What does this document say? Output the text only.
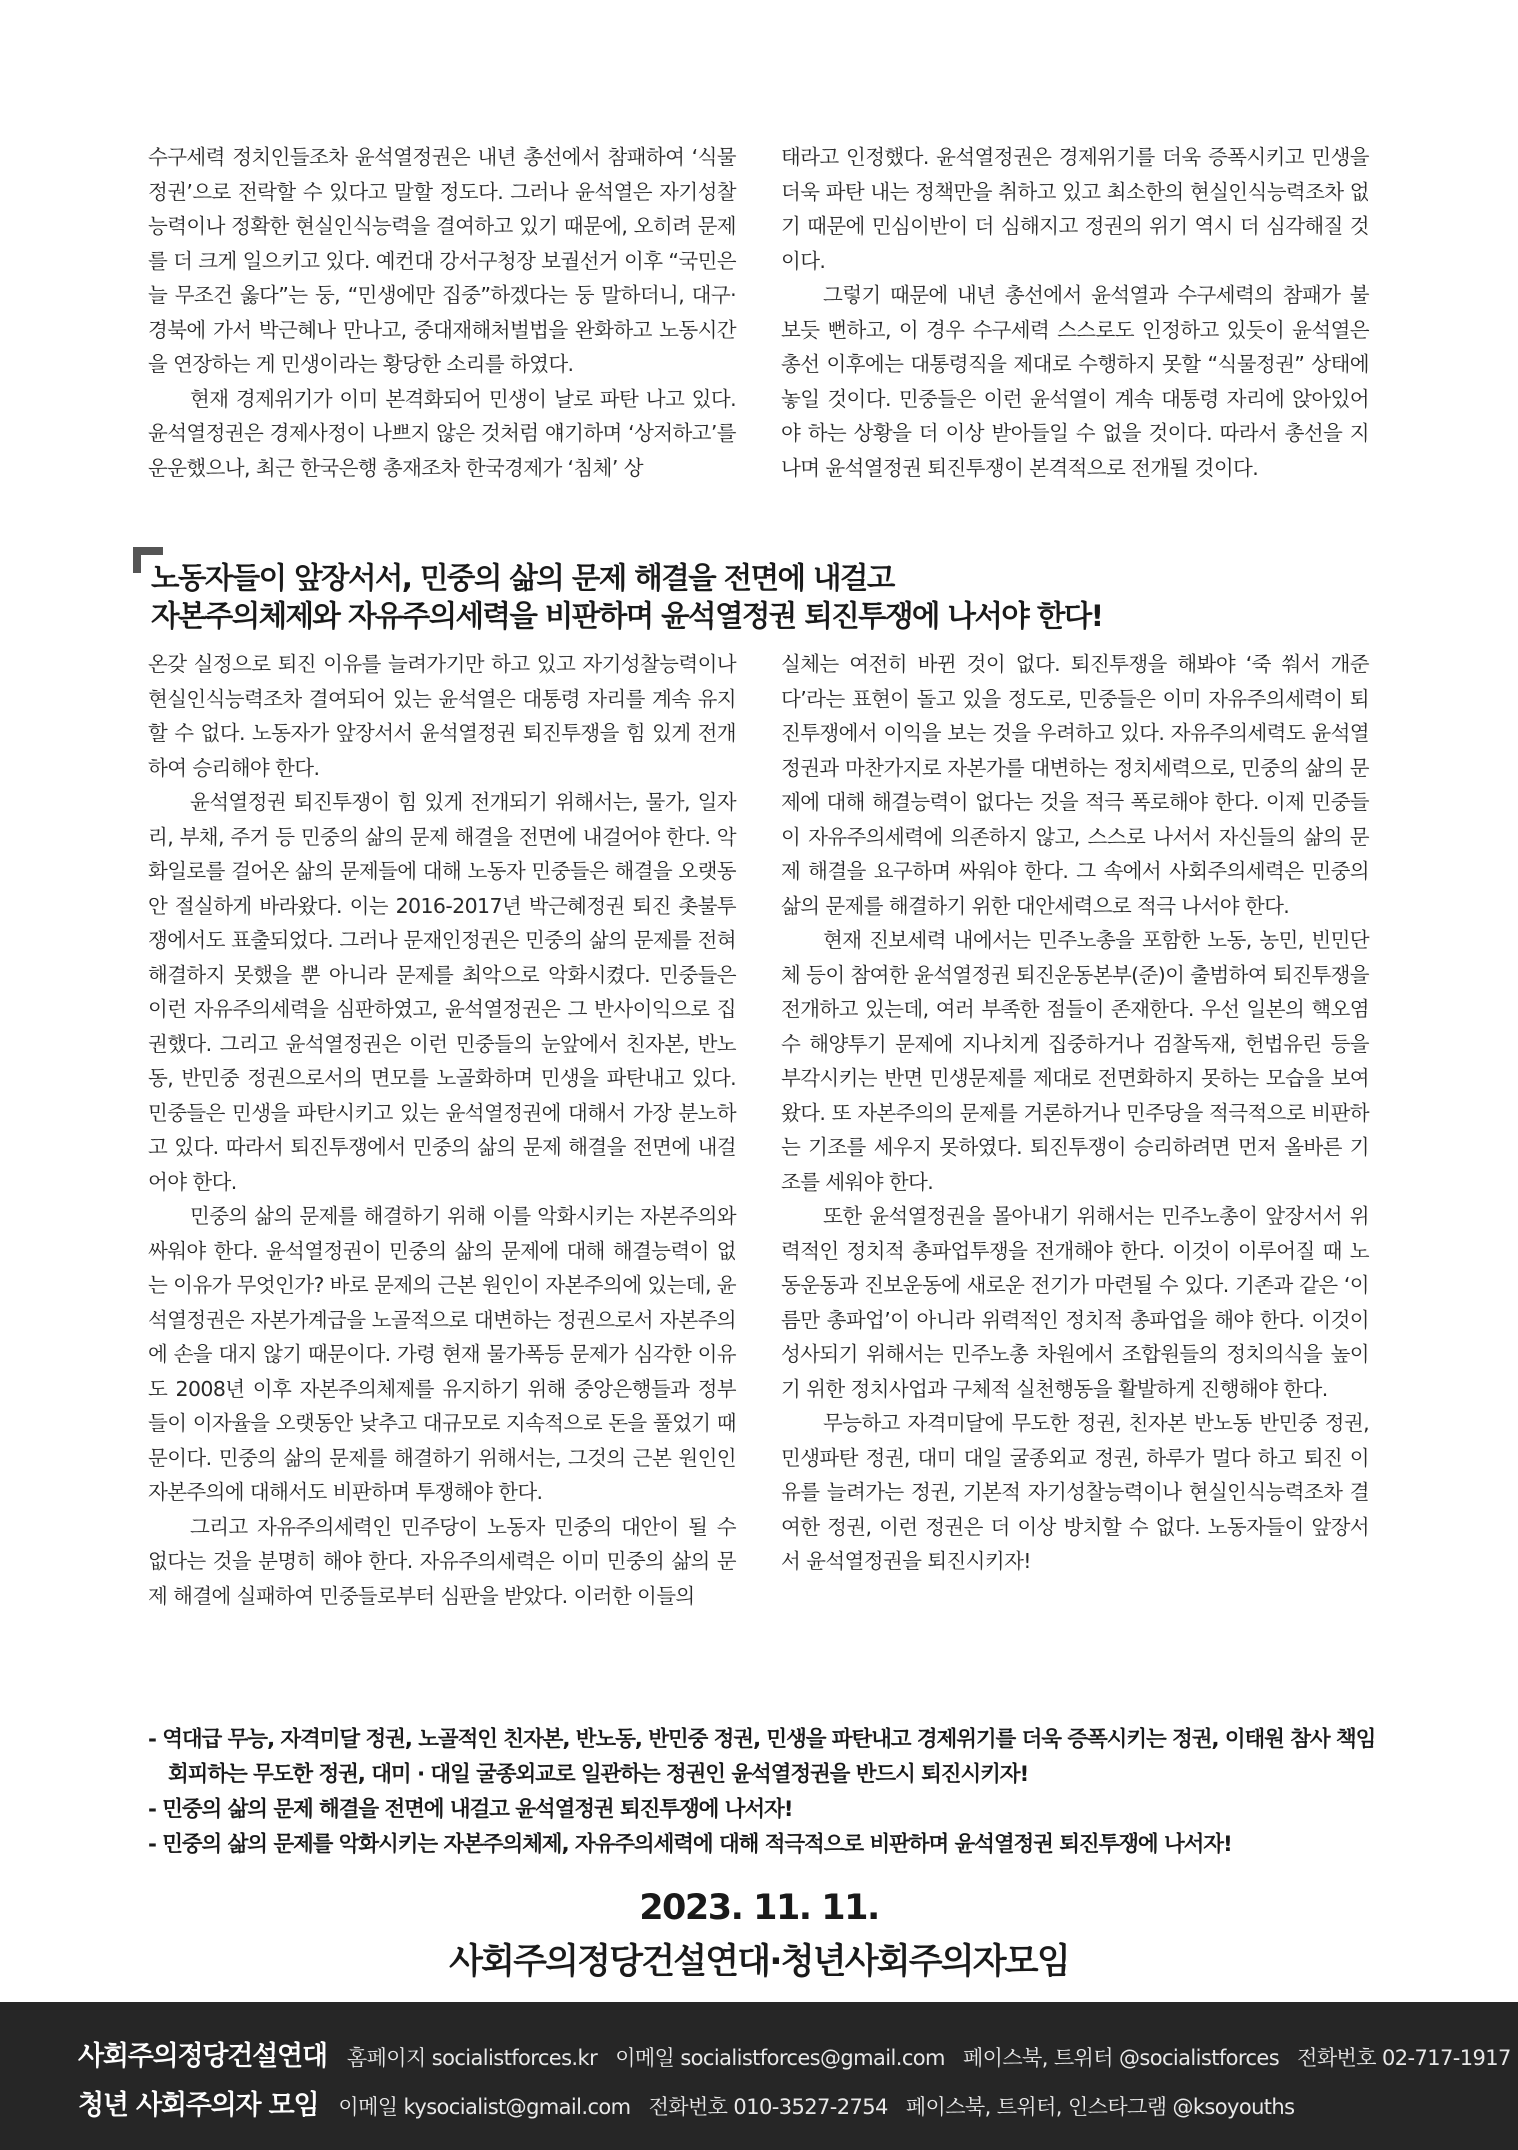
수구세력 정치인들조차 윤석열정권은 내년 총선에서 참패하여 ‘식물정권’으로 전락할 수 있다고 말할 정도다. 그러나 윤석열은 자기성찰능력이나 정확한 현실인식능력을 결여하고 있기 때문에, 오히려 문제를 더 크게 일으키고 있다. 예컨대 강서구청장 보궐선거 이후 “국민은 늘 무조건 옳다”는 둥, “민생에만 집중”하겠다는 둥 말하더니, 대구·경북에 가서 박근혜나 만나고, 중대재해처벌법을 완화하고 노동시간을 연장하는 게 민생이라는 황당한 소리를 하였다.

현재 경제위기가 이미 본격화되어 민생이 날로 파탄 나고 있다. 윤석열정권은 경제사정이 나쁘지 않은 것처럼 얘기하며 ‘상저하고’를 운운했으나, 최근 한국은행 총재조차 한국경제가 ‘침체’ 상

태라고 인정했다. 윤석열정권은 경제위기를 더욱 증폭시키고 민생을 더욱 파탄 내는 정책만을 취하고 있고 최소한의 현실인식능력조차 없기 때문에 민심이반이 더 심해지고 정권의 위기 역시 더 심각해질 것이다.

그렇기 때문에 내년 총선에서 윤석열과 수구세력의 참패가 불 보듯 뻔하고, 이 경우 수구세력 스스로도 인정하고 있듯이 윤석열은 총선 이후에는 대통령직을 제대로 수행하지 못할 “식물정권” 상태에 놓일 것이다. 민중들은 이런 윤석열이 계속 대통령 자리에 앉아있어야 하는 상황을 더 이상 받아들일 수 없을 것이다. 따라서 총선을 지나며 윤석열정권 퇴진투쟁이 본격적으로 전개될 것이다.

노동자들이 앞장서서, 민중의 삶의 문제 해결을 전면에 내걸고
자본주의체제와 자유주의세력을 비판하며 윤석열정권 퇴진투쟁에 나서야 한다!

온갖 실정으로 퇴진 이유를 늘려가기만 하고 있고 자기성찰능력이나 현실인식능력조차 결여되어 있는 윤석열은 대통령 자리를 계속 유지할 수 없다. 노동자가 앞장서서 윤석열정권 퇴진투쟁을 힘 있게 전개하여 승리해야 한다.

윤석열정권 퇴진투쟁이 힘 있게 전개되기 위해서는, 물가, 일자리, 부채, 주거 등 민중의 삶의 문제 해결을 전면에 내걸어야 한다. 악화일로를 걸어온 삶의 문제들에 대해 노동자 민중들은 해결을 오랫동안 절실하게 바라왔다. 이는 2016-2017년 박근혜정권 퇴진 촛불투쟁에서도 표출되었다. 그러나 문재인정권은 민중의 삶의 문제를 전혀 해결하지 못했을 뿐 아니라 문제를 최악으로 악화시켰다. 민중들은 이런 자유주의세력을 심판하였고, 윤석열정권은 그 반사이익으로 집권했다. 그리고 윤석열정권은 이런 민중들의 눈앞에서 친자본, 반노동, 반민중 정권으로서의 면모를 노골화하며 민생을 파탄내고 있다. 민중들은 민생을 파탄시키고 있는 윤석열정권에 대해서 가장 분노하고 있다. 따라서 퇴진투쟁에서 민중의 삶의 문제 해결을 전면에 내걸어야 한다.

민중의 삶의 문제를 해결하기 위해 이를 악화시키는 자본주의와 싸워야 한다. 윤석열정권이 민중의 삶의 문제에 대해 해결능력이 없는 이유가 무엇인가? 바로 문제의 근본 원인이 자본주의에 있는데, 윤석열정권은 자본가계급을 노골적으로 대변하는 정권으로서 자본주의에 손을 대지 않기 때문이다. 가령 현재 물가폭등 문제가 심각한 이유도 2008년 이후 자본주의체제를 유지하기 위해 중앙은행들과 정부들이 이자율을 오랫동안 낮추고 대규모로 지속적으로 돈을 풀었기 때문이다. 민중의 삶의 문제를 해결하기 위해서는, 그것의 근본 원인인 자본주의에 대해서도 비판하며 투쟁해야 한다.

그리고 자유주의세력인 민주당이 노동자 민중의 대안이 될 수 없다는 것을 분명히 해야 한다. 자유주의세력은 이미 민중의 삶의 문제 해결에 실패하여 민중들로부터 심판을 받았다. 이러한 이들의

실체는 여전히 바뀐 것이 없다. 퇴진투쟁을 해봐야 ‘죽 쒀서 개준다’라는 표현이 돌고 있을 정도로, 민중들은 이미 자유주의세력이 퇴진투쟁에서 이익을 보는 것을 우려하고 있다. 자유주의세력도 윤석열정권과 마찬가지로 자본가를 대변하는 정치세력으로, 민중의 삶의 문제에 대해 해결능력이 없다는 것을 적극 폭로해야 한다. 이제 민중들이 자유주의세력에 의존하지 않고, 스스로 나서서 자신들의 삶의 문제 해결을 요구하며 싸워야 한다. 그 속에서 사회주의세력은 민중의 삶의 문제를 해결하기 위한 대안세력으로 적극 나서야 한다.

현재 진보세력 내에서는 민주노총을 포함한 노동, 농민, 빈민단체 등이 참여한 윤석열정권 퇴진운동본부(준)이 출범하여 퇴진투쟁을 전개하고 있는데, 여러 부족한 점들이 존재한다. 우선 일본의 핵오염수 해양투기 문제에 지나치게 집중하거나 검찰독재, 헌법유린 등을 부각시키는 반면 민생문제를 제대로 전면화하지 못하는 모습을 보여 왔다. 또 자본주의의 문제를 거론하거나 민주당을 적극적으로 비판하는 기조를 세우지 못하였다. 퇴진투쟁이 승리하려면 먼저 올바른 기조를 세워야 한다.

또한 윤석열정권을 몰아내기 위해서는 민주노총이 앞장서서 위력적인 정치적 총파업투쟁을 전개해야 한다. 이것이 이루어질 때 노동운동과 진보운동에 새로운 전기가 마련될 수 있다. 기존과 같은 ‘이름만 총파업’이 아니라 위력적인 정치적 총파업을 해야 한다. 이것이 성사되기 위해서는 민주노총 차원에서 조합원들의 정치의식을 높이기 위한 정치사업과 구체적 실천행동을 활발하게 진행해야 한다.

무능하고 자격미달에 무도한 정권, 친자본 반노동 반민중 정권, 민생파탄 정권, 대미 대일 굴종외교 정권, 하루가 멀다 하고 퇴진 이유를 늘려가는 정권, 기본적 자기성찰능력이나 현실인식능력조차 결여한 정권, 이런 정권은 더 이상 방치할 수 없다. 노동자들이 앞장서서 윤석열정권을 퇴진시키자!

- 역대급 무능, 자격미달 정권, 노골적인 친자본, 반노동, 반민중 정권, 민생을 파탄내고 경제위기를 더욱 증폭시키는 정권, 이태원 참사 책임
회피하는 무도한 정권, 대미 · 대일 굴종외교로 일관하는 정권인 윤석열정권을 반드시 퇴진시키자!
- 민중의 삶의 문제 해결을 전면에 내걸고 윤석열정권 퇴진투쟁에 나서자!
- 민중의 삶의 문제를 악화시키는 자본주의체제, 자유주의세력에 대해 적극적으로 비판하며 윤석열정권 퇴진투쟁에 나서자!
2023. 11. 11.
사회주의정당건설연대·청년사회주의자모임
사회주의정당건설연대 홈페이지 socialistforces.kr 이메일 socialistforces@gmail.com 페이스북, 트위터 @socialistforces 전화번호 02-717-1917
청년 사회주의자 모임 이메일 kysocialist@gmail.com 전화번호 010-3527-2754 페이스북, 트위터, 인스타그램 @ksoyouths
